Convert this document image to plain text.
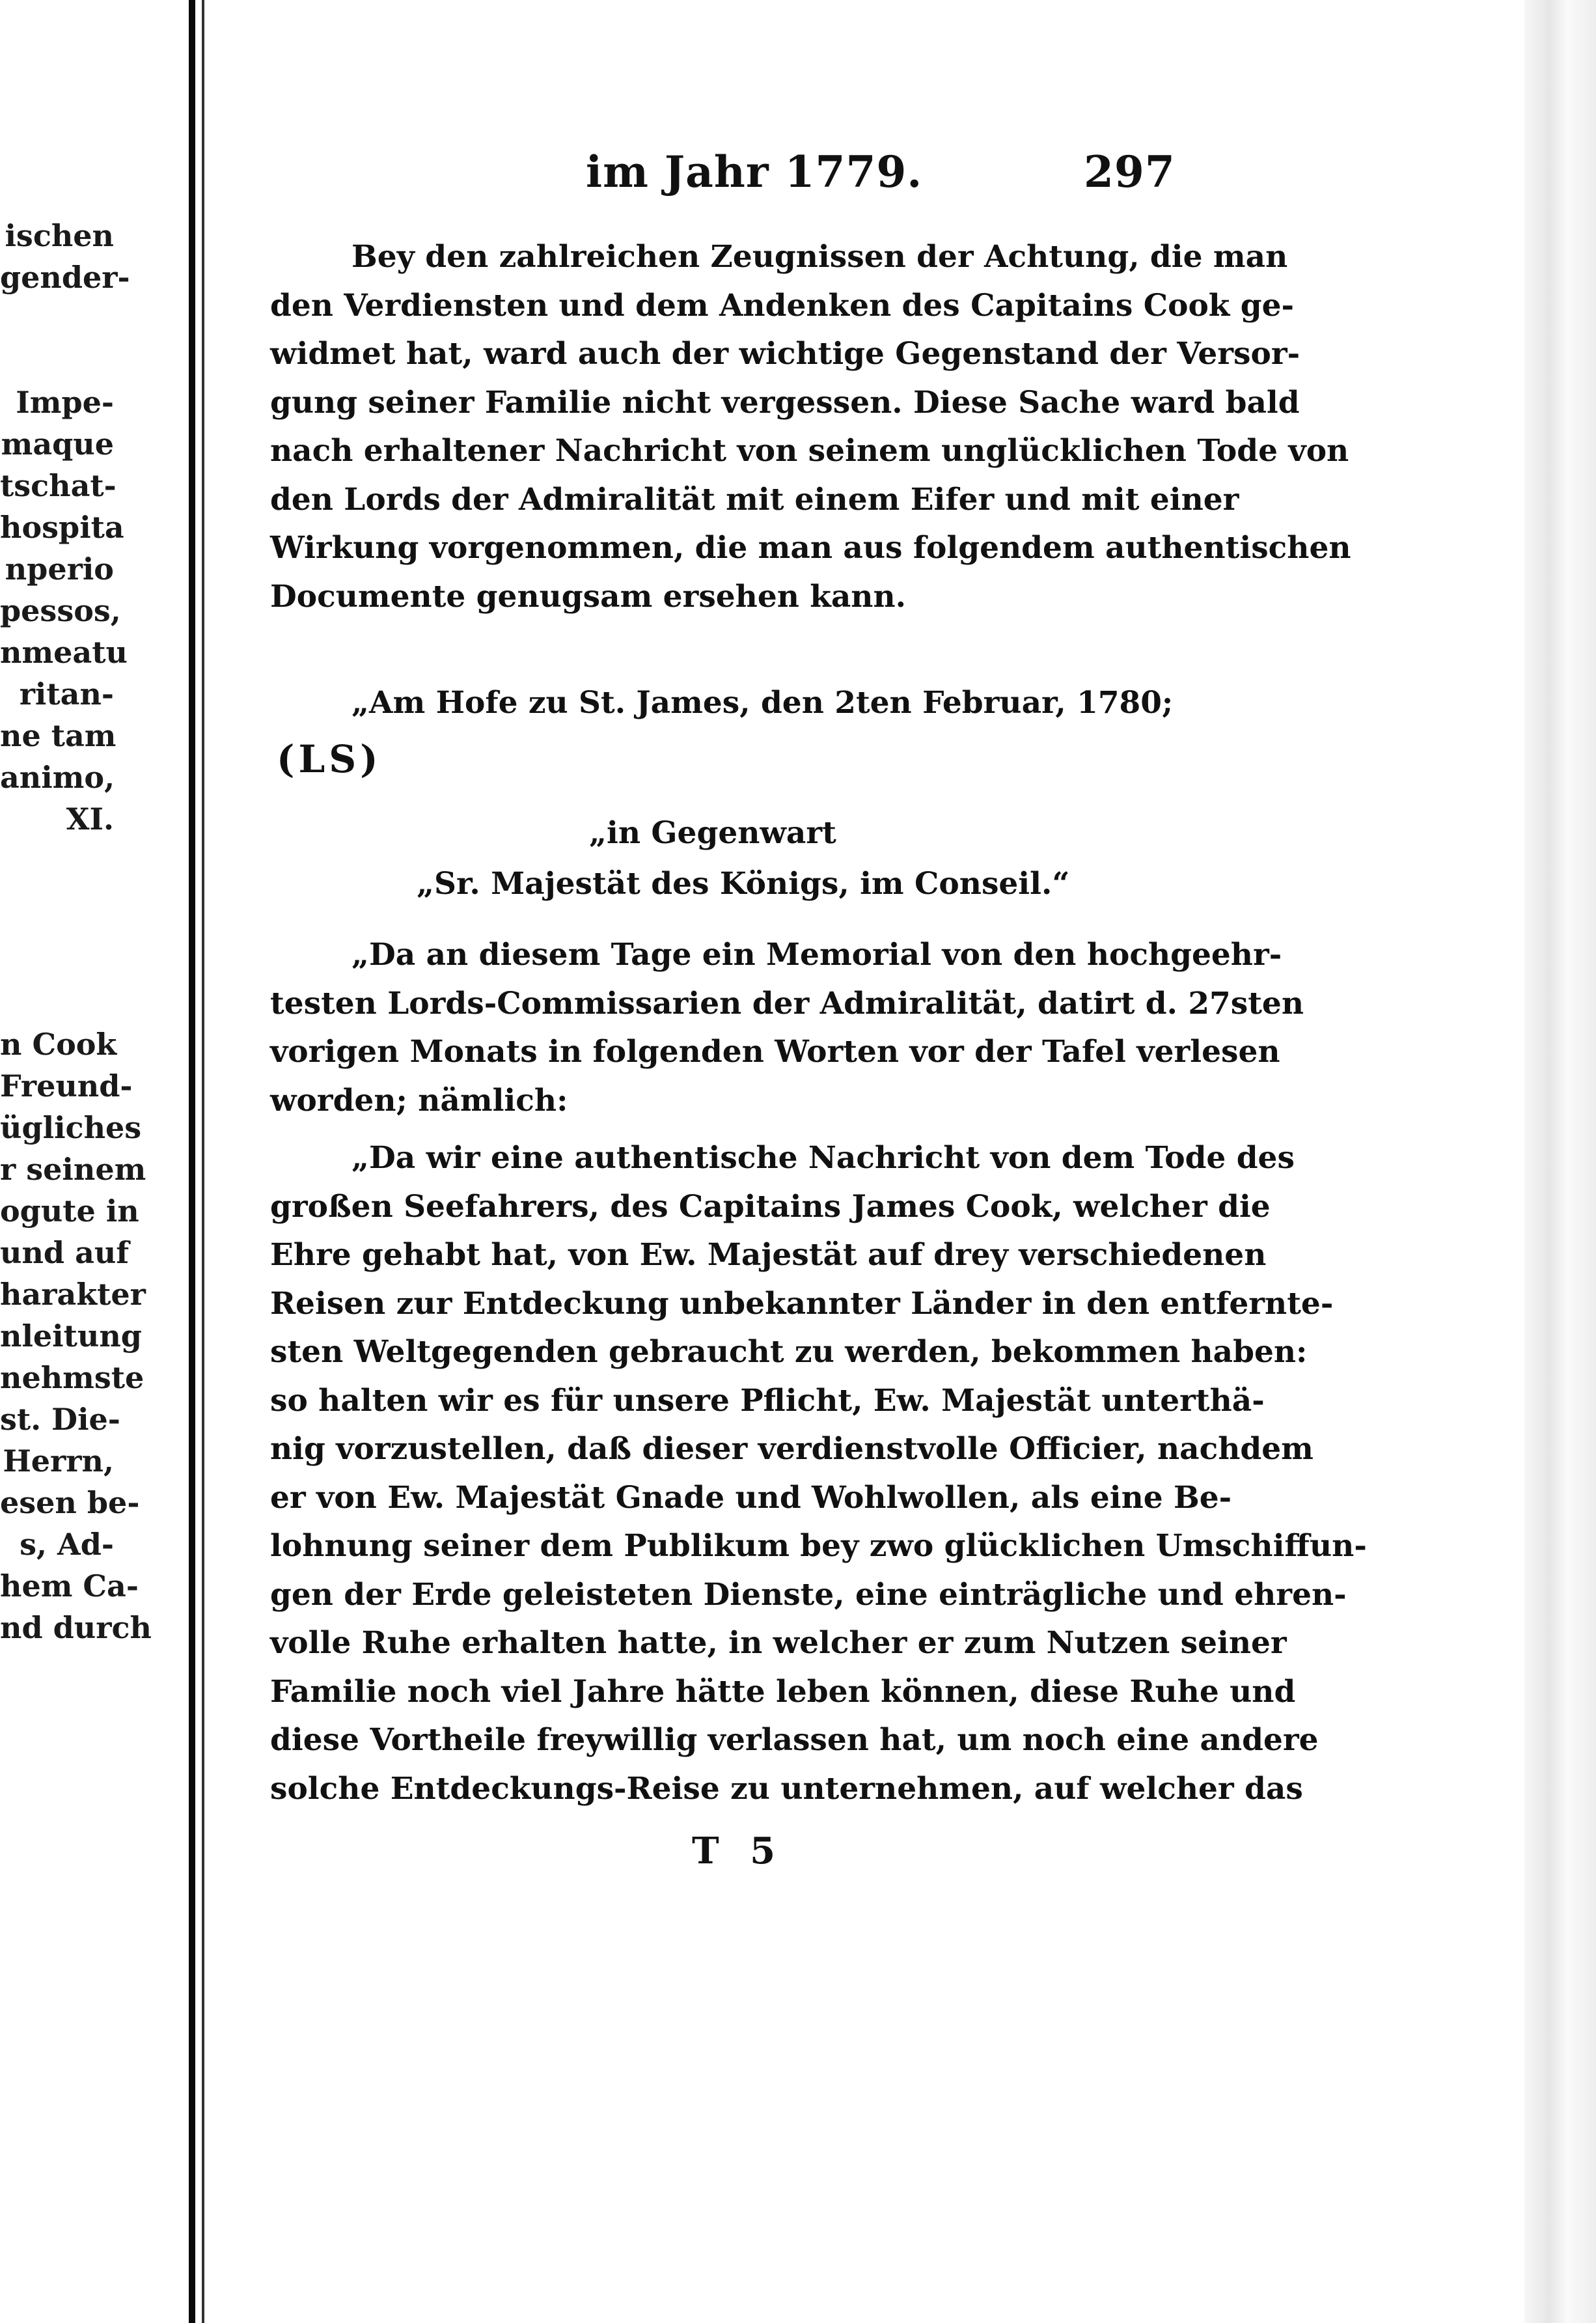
ischen
gender-

Impe-
maque
tschat-
hospita
nperio
pessos,
nmeatu
ritan-
ne tam
animo,
XI.
n Cook
Freund-
ügliches
r seinem
ogute in
und auf
harakter
nleitung
nehmste
st. Die-
Herrn,
esen be-
s, Ad-
hem Ca-
nd durch
im Jahr 1779.	297
Bey den zahlreichen Zeugnissen der Achtung, die man
den Verdiensten und dem Andenken des Capitains Cook ge-
widmet hat, ward auch der wichtige Gegenstand der Versor-
gung seiner Familie nicht vergessen. Diese Sache ward bald
nach erhaltener Nachricht von seinem unglücklichen Tode von
den Lords der Admiralität mit einem Eifer und mit einer
Wirkung vorgenommen, die man aus folgendem authentischen
Documente genugsam ersehen kann.
„Am Hofe zu St. James, den 2ten Februar, 1780;
(LS)
„in Gegenwart
„Sr. Majestät des Königs, im Conseil.“
„Da an diesem Tage ein Memorial von den hochgeehr-
testen Lords-Commissarien der Admiralität, datirt d. 27sten
vorigen Monats in folgenden Worten vor der Tafel verlesen
worden; nämlich:
„Da wir eine authentische Nachricht von dem Tode des
großen Seefahrers, des Capitains James Cook, welcher die
Ehre gehabt hat, von Ew. Majestät auf drey verschiedenen
Reisen zur Entdeckung unbekannter Länder in den entfernte-
sten Weltgegenden gebraucht zu werden, bekommen haben:
so halten wir es für unsere Pflicht, Ew. Majestät unterthä-
nig vorzustellen, daß dieser verdienstvolle Officier, nachdem
er von Ew. Majestät Gnade und Wohlwollen, als eine Be-
lohnung seiner dem Publikum bey zwo glücklichen Umschiffun-
gen der Erde geleisteten Dienste, eine einträgliche und ehren-
volle Ruhe erhalten hatte, in welcher er zum Nutzen seiner
Familie noch viel Jahre hätte leben können, diese Ruhe und
diese Vortheile freywillig verlassen hat, um noch eine andere
solche Entdeckungs-Reise zu unternehmen, auf welcher das
T 5
